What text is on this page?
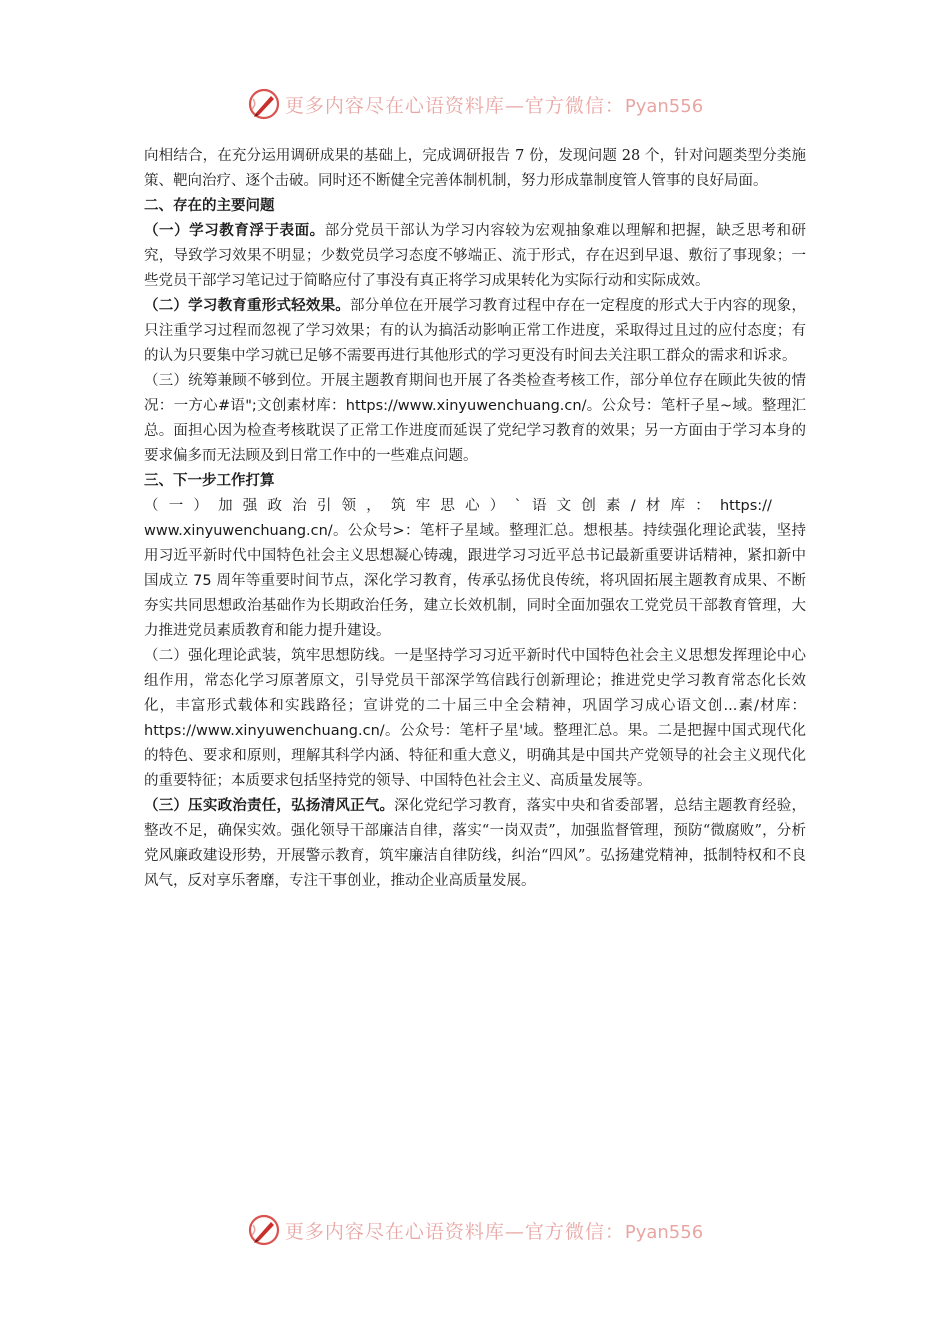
更多内容尽在心语资料库—官方微信：Pyan556

向相结合，在充分运用调研成果的基础上，完成调研报告 7 份，发现问题 28 个，针对问题类型分类施策、靶向治疗、逐个击破。同时还不断健全完善体制机制，努力形成靠制度管人管事的良好局面。

二、存在的主要问题

（一）学习教育浮于表面。部分党员干部认为学习内容较为宏观抽象难以理解和把握，缺乏思考和研究，导致学习效果不明显；少数党员学习态度不够端正、流于形式，存在迟到早退、敷衍了事现象；一些党员干部学习笔记过于简略应付了事没有真正将学习成果转化为实际行动和实际成效。

（二）学习教育重形式轻效果。部分单位在开展学习教育过程中存在一定程度的形式大于内容的现象，只注重学习过程而忽视了学习效果；有的认为搞活动影响正常工作进度，采取得过且过的应付态度；有的认为只要集中学习就已足够不需要再进行其他形式的学习更没有时间去关注职工群众的需求和诉求。

（三）统筹兼顾不够到位。开展主题教育期间也开展了各类检查考核工作，部分单位存在顾此失彼的情况：一方心#语";文创素材库：https://www.xinyuwenchuang.cn/。公众号：笔杆子星~域。整理汇总。面担心因为检查考核耽误了正常工作进度而延误了党纪学习教育的效果；另一方面由于学习本身的要求偏多而无法顾及到日常工作中的一些难点问题。

三、下一步工作打算

（一）加强政治引领，筑牢思心）`语文创素/材库：https://
www.xinyuwenchuang.cn/。公众号>：笔杆子星域。整理汇总。想根基。持续强化理论武装，坚持用习近平新时代中国特色社会主义思想凝心铸魂，跟进学习习近平总书记最新重要讲话精神，紧扣新中国成立 75 周年等重要时间节点，深化学习教育，传承弘扬优良传统，将巩固拓展主题教育成果、不断夯实共同思想政治基础作为长期政治任务，建立长效机制，同时全面加强农工党党员干部教育管理，大力推进党员素质教育和能力提升建设。

（二）强化理论武装，筑牢思想防线。一是坚持学习习近平新时代中国特色社会主义思想发挥理论中心组作用，常态化学习原著原文，引导党员干部深学笃信践行创新理论；推进党史学习教育常态化长效化，丰富形式载体和实践路径；宣讲党的二十届三中全会精神，巩固学习成心语文创...素/材库：https://www.xinyuwenchuang.cn/。公众号：笔杆子星'域。整理汇总。果。二是把握中国式现代化的特色、要求和原则，理解其科学内涵、特征和重大意义，明确其是中国共产党领导的社会主义现代化的重要特征；本质要求包括坚持党的领导、中国特色社会主义、高质量发展等。

（三）压实政治责任，弘扬清风正气。深化党纪学习教育，落实中央和省委部署，总结主题教育经验，整改不足，确保实效。强化领导干部廉洁自律，落实“一岗双责”，加强监督管理，预防“微腐败”，分析党风廉政建设形势，开展警示教育，筑牢廉洁自律防线，纠治“四风”。弘扬建党精神，抵制特权和不良风气，反对享乐奢靡，专注干事创业，推动企业高质量发展。

更多内容尽在心语资料库—官方微信：Pyan556
